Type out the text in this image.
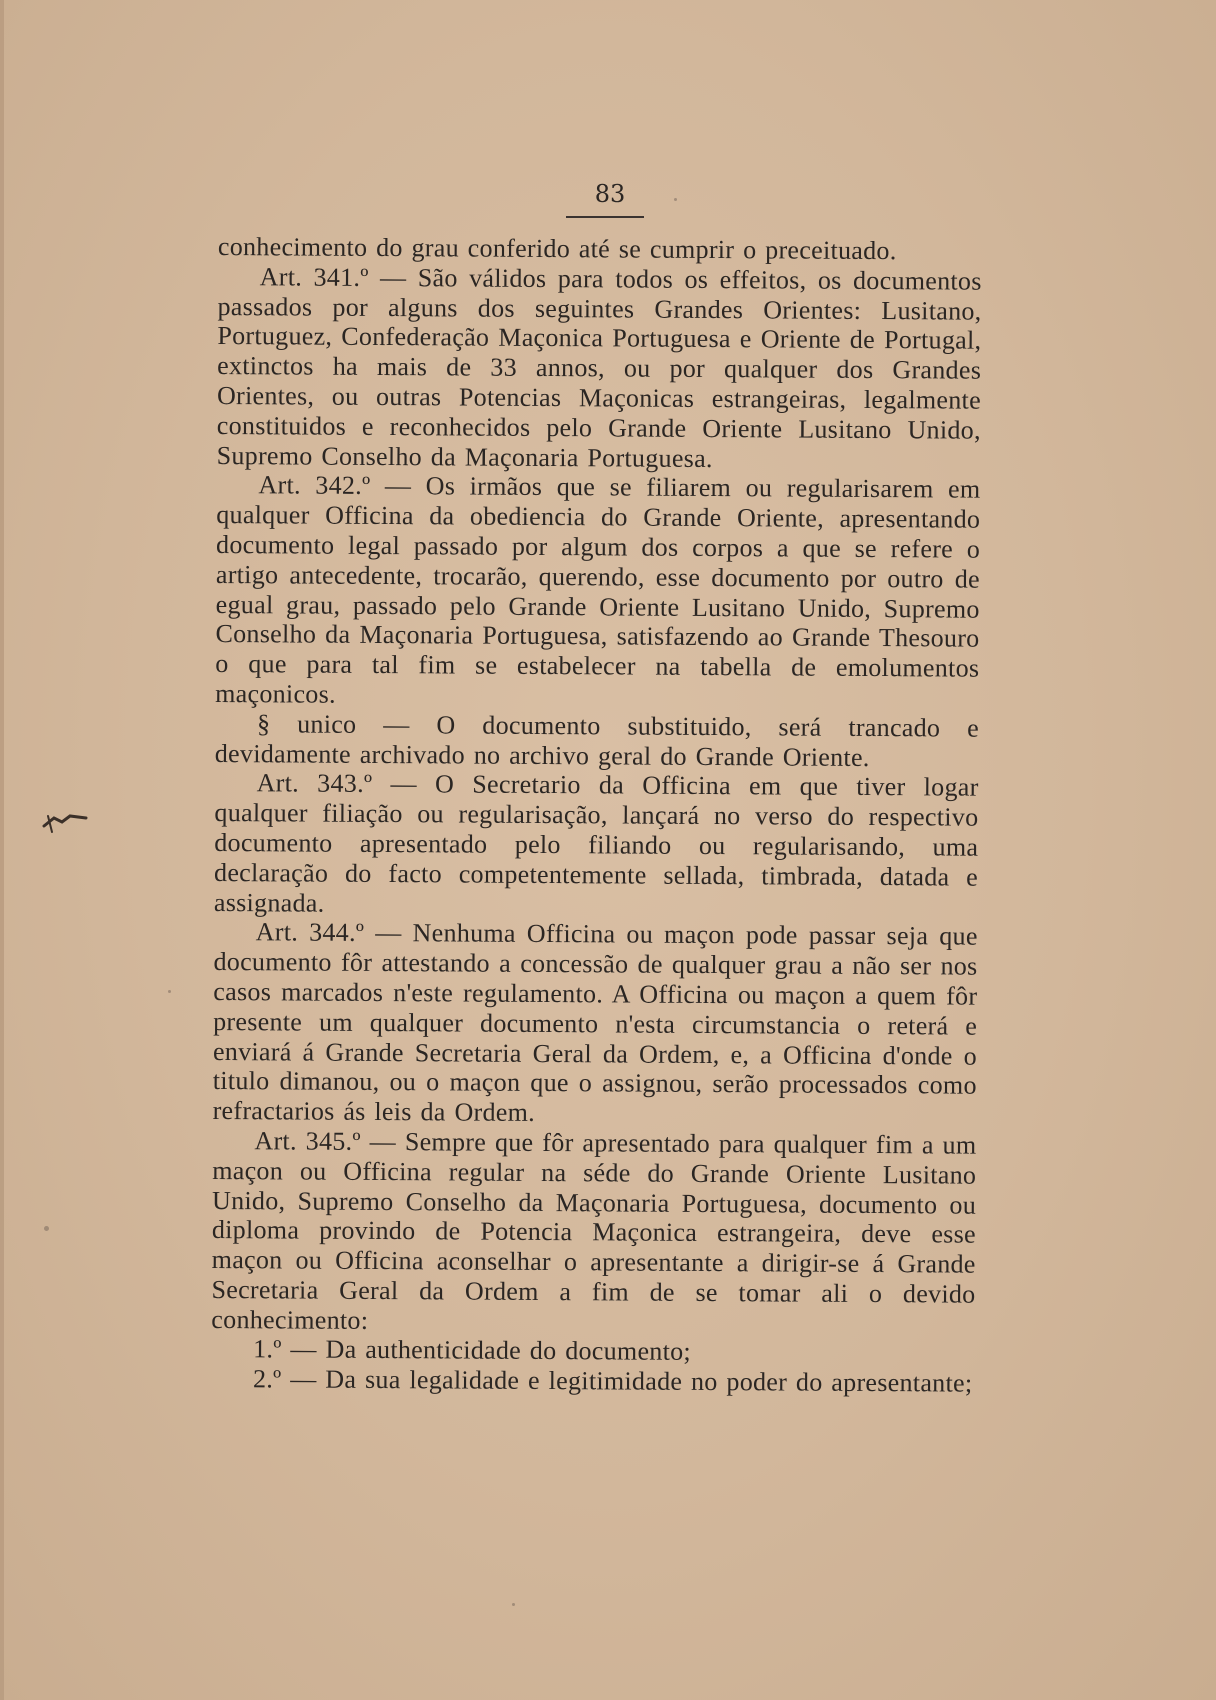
83

conhecimento do grau conferido até se cumprir o preceituado.

Art. 341.º — São válidos para todos os effeitos, os documentos passados por alguns dos seguintes Grandes Orientes: Lusitano, Portuguez, Confederação Maçonica Portuguesa e Oriente de Portugal, extinctos ha mais de 33 annos, ou por qualquer dos Grandes Orientes, ou outras Potencias Maçonicas estrangeiras, legalmente constituidos e reconhecidos pelo Grande Oriente Lusitano Unido, Supremo Conselho da Maçonaria Portuguesa.

Art. 342.º — Os irmãos que se filiarem ou regularisarem em qualquer Officina da obediencia do Grande Oriente, apresentando documento legal passado por algum dos corpos a que se refere o artigo antecedente, trocarão, querendo, esse documento por outro de egual grau, passado pelo Grande Oriente Lusitano Unido, Supremo Conselho da Maçonaria Portuguesa, satisfazendo ao Grande Thesouro o que para tal fim se estabelecer na tabella de emolumentos maçonicos.

§ unico — O documento substituido, será trancado e devidamente archivado no archivo geral do Grande Oriente.

Art. 343.º — O Secretario da Officina em que tiver logar qualquer filiação ou regularisação, lançará no verso do respectivo documento apresentado pelo filiando ou regularisando, uma declaração do facto competentemente sellada, timbrada, datada e assignada.

Art. 344.º — Nenhuma Officina ou maçon pode passar seja que documento fôr attestando a concessão de qualquer grau a não ser nos casos marcados n'este regulamento. A Officina ou maçon a quem fôr presente um qualquer documento n'esta circumstancia o reterá e enviará á Grande Secretaria Geral da Ordem, e, a Officina d'onde o titulo dimanou, ou o maçon que o assignou, serão processados como refractarios ás leis da Ordem.

Art. 345.º — Sempre que fôr apresentado para qualquer fim a um maçon ou Officina regular na séde do Grande Oriente Lusitano Unido, Supremo Conselho da Maçonaria Portuguesa, documento ou diploma provindo de Potencia Maçonica estrangeira, deve esse maçon ou Officina aconselhar o apresentante a dirigir-se á Grande Secretaria Geral da Ordem a fim de se tomar ali o devido conhecimento:

1.º — Da authenticidade do documento;

2.º — Da sua legalidade e legitimidade no poder do apresentante;
